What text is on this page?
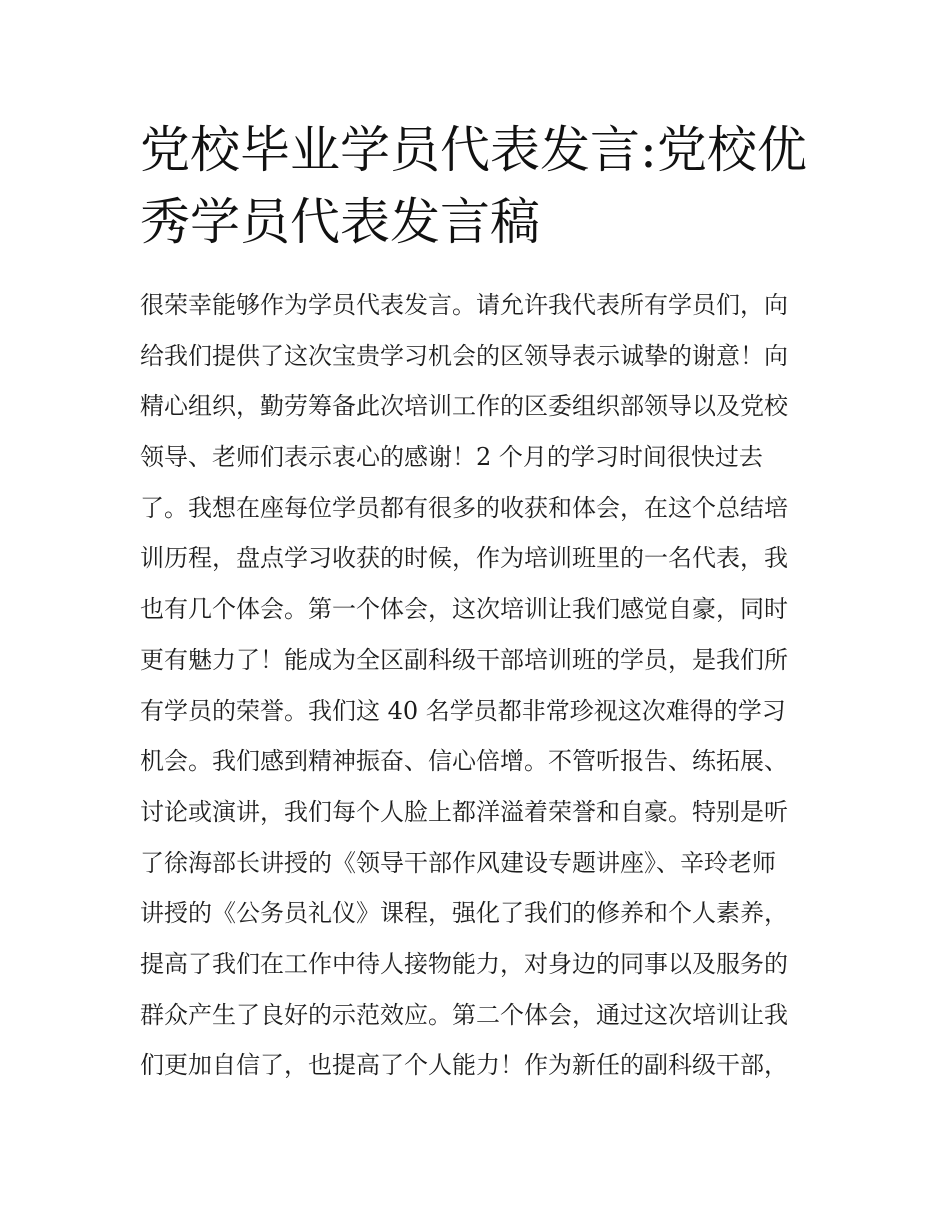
党校毕业学员代表发言:党校优
秀学员代表发言稿
很荣幸能够作为学员代表发言。请允许我代表所有学员们，向
给我们提供了这次宝贵学习机会的区领导表示诚挚的谢意！向
精心组织，勤劳筹备此次培训工作的区委组织部领导以及党校
领导、老师们表示衷心的感谢！2 个月的学习时间很快过去
了。我想在座每位学员都有很多的收获和体会，在这个总结培
训历程，盘点学习收获的时候，作为培训班里的一名代表，我
也有几个体会。第一个体会，这次培训让我们感觉自豪，同时
更有魅力了！能成为全区副科级干部培训班的学员，是我们所
有学员的荣誉。我们这 40 名学员都非常珍视这次难得的学习
机会。我们感到精神振奋、信心倍增。不管听报告、练拓展、
讨论或演讲，我们每个人脸上都洋溢着荣誉和自豪。特别是听
了徐海部长讲授的《领导干部作风建设专题讲座》、辛玲老师
讲授的《公务员礼仪》课程，强化了我们的修养和个人素养，
提高了我们在工作中待人接物能力，对身边的同事以及服务的
群众产生了良好的示范效应。第二个体会，通过这次培训让我
们更加自信了，也提高了个人能力！作为新任的副科级干部，
